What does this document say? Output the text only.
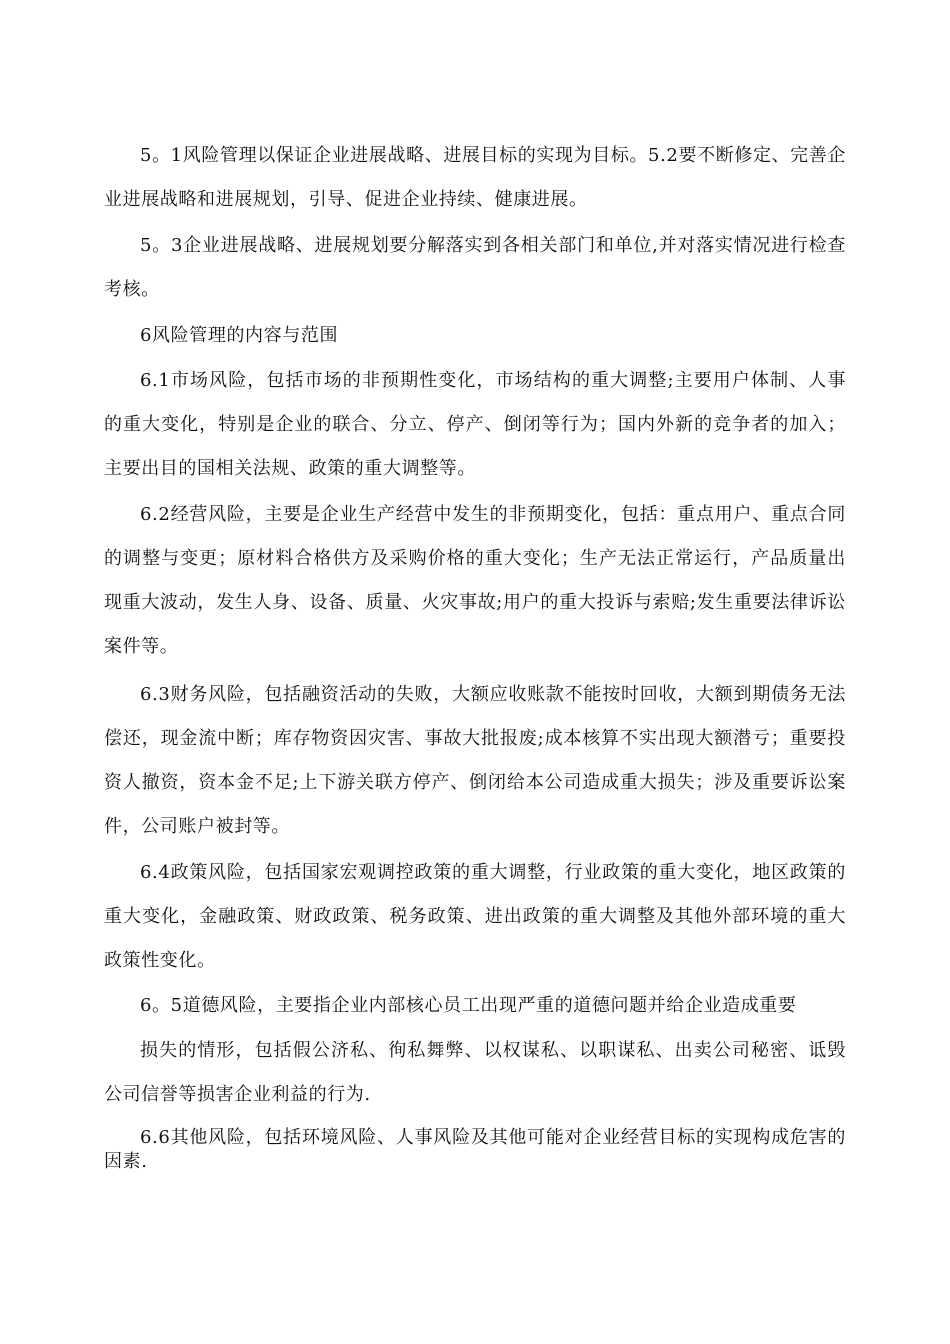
5。1风险管理以保证企业进展战略、进展目标的实现为目标。5.2要不断修定、完善企业进展战略和进展规划，引导、促进企业持续、健康进展。

5。3企业进展战略、进展规划要分解落实到各相关部门和单位,并对落实情况进行检查考核。

6风险管理的内容与范围

6.1市场风险，包括市场的非预期性变化，市场结构的重大调整;主要用户体制、人事的重大变化，特别是企业的联合、分立、停产、倒闭等行为；国内外新的竞争者的加入；主要出目的国相关法规、政策的重大调整等。

6.2经营风险，主要是企业生产经营中发生的非预期变化，包括：重点用户、重点合同的调整与变更；原材料合格供方及采购价格的重大变化；生产无法正常运行，产品质量出现重大波动，发生人身、设备、质量、火灾事故;用户的重大投诉与索赔;发生重要法律诉讼案件等。

6.3财务风险，包括融资活动的失败，大额应收账款不能按时回收，大额到期债务无法偿还，现金流中断；库存物资因灾害、事故大批报废;成本核算不实出现大额潜亏；重要投资人撤资，资本金不足;上下游关联方停产、倒闭给本公司造成重大损失；涉及重要诉讼案件，公司账户被封等。

6.4政策风险，包括国家宏观调控政策的重大调整，行业政策的重大变化，地区政策的重大变化，金融政策、财政政策、税务政策、进出政策的重大调整及其他外部环境的重大政策性变化。

6。5道德风险，主要指企业内部核心员工出现严重的道德问题并给企业造成重要

损失的情形，包括假公济私、徇私舞弊、以权谋私、以职谋私、出卖公司秘密、诋毁公司信誉等损害企业利益的行为.

6.6其他风险，包括环境风险、人事风险及其他可能对企业经营目标的实现构成危害的因素.
